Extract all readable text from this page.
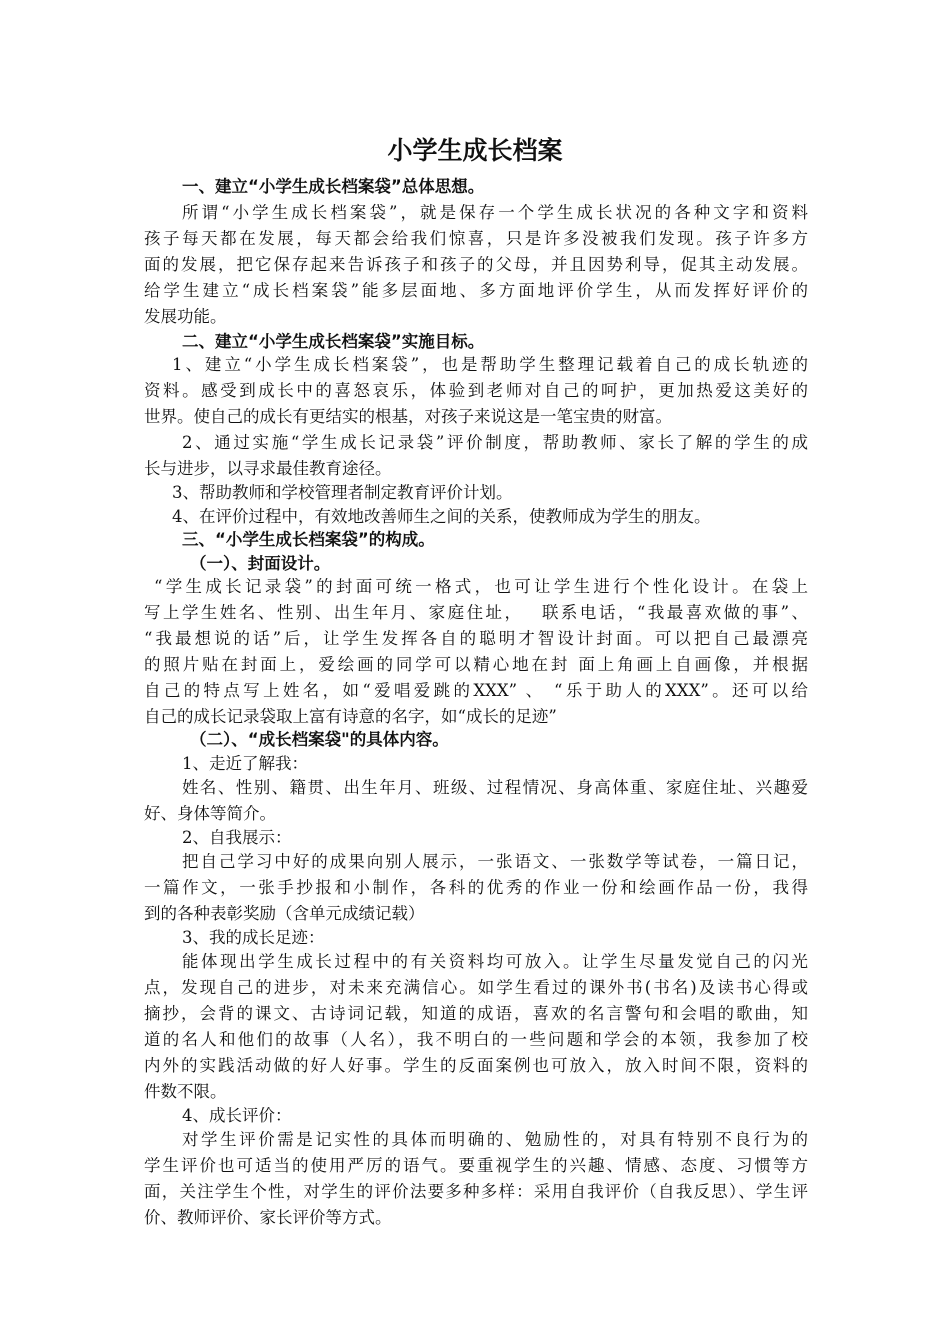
小学生成长档案
一、建立“小学生成长档案袋”总体思想。
所谓“小学生成长档案袋”，就是保存一个学生成长状况的各种文字和资料
孩子每天都在发展，每天都会给我们惊喜，只是许多没被我们发现。孩子许多方
面的发展，把它保存起来告诉孩子和孩子的父母，并且因势利导，促其主动发展。
给学生建立“成长档案袋”能多层面地、多方面地评价学生，从而发挥好评价的
发展功能。
二、建立“小学生成长档案袋”实施目标。
1、建立“小学生成长档案袋”，也是帮助学生整理记载着自己的成长轨迹的
资料。感受到成长中的喜怒哀乐，体验到老师对自己的呵护，更加热爱这美好的
世界。使自己的成长有更结实的根基，对孩子来说这是一笔宝贵的财富。
2、通过实施“学生成长记录袋”评价制度，帮助教师、家长了解的学生的成
长与进步，以寻求最佳教育途径。
3、帮助教师和学校管理者制定教育评价计划。
4、在评价过程中，有效地改善师生之间的关系，使教师成为学生的朋友。
三、“小学生成长档案袋”的构成。
（一）、封面设计。
“学生成长记录袋”的封面可统一格式，也可让学生进行个性化设计。在袋上
写上学生姓名、性别、出生年月、家庭住址，　 联系电话，“我最喜欢做的事”、
“我最想说的话”后，让学生发挥各自的聪明才智设计封面。可以把自己最漂亮
的照片贴在封面上，爱绘画的同学可以精心地在封 面上角画上自画像，并根据
自己的特点写上姓名，如“爱唱爱跳的XXX” 、 “乐于助人的XXX”。还可以给
自己的成长记录袋取上富有诗意的名字，如“成长的足迹”
（二）、“成长档案袋"的具体内容。
1、走近了解我：
姓名、性别、籍贯、出生年月、班级、过程情况、身高体重、家庭住址、兴趣爱
好、身体等简介。
2、自我展示：
把自己学习中好的成果向别人展示，一张语文、一张数学等试卷，一篇日记，
一篇作文，一张手抄报和小制作，各科的优秀的作业一份和绘画作品一份，我得
到的各种表彰奖励（含单元成绩记载）
3、我的成长足迹：
能体现出学生成长过程中的有关资料均可放入。让学生尽量发觉自己的闪光
点，发现自己的进步，对未来充满信心。如学生看过的课外书(书名)及读书心得或
摘抄，会背的课文、古诗词记载，知道的成语，喜欢的名言警句和会唱的歌曲，知
道的名人和他们的故事（人名），我不明白的一些问题和学会的本领，我参加了校
内外的实践活动做的好人好事。学生的反面案例也可放入，放入时间不限，资料的
件数不限。
4、成长评价：
对学生评价需是记实性的具体而明确的、勉励性的，对具有特别不良行为的
学生评价也可适当的使用严厉的语气。要重视学生的兴趣、情感、态度、习惯等方
面，关注学生个性，对学生的评价法要多种多样：采用自我评价（自我反思）、学生评
价、教师评价、家长评价等方式。
